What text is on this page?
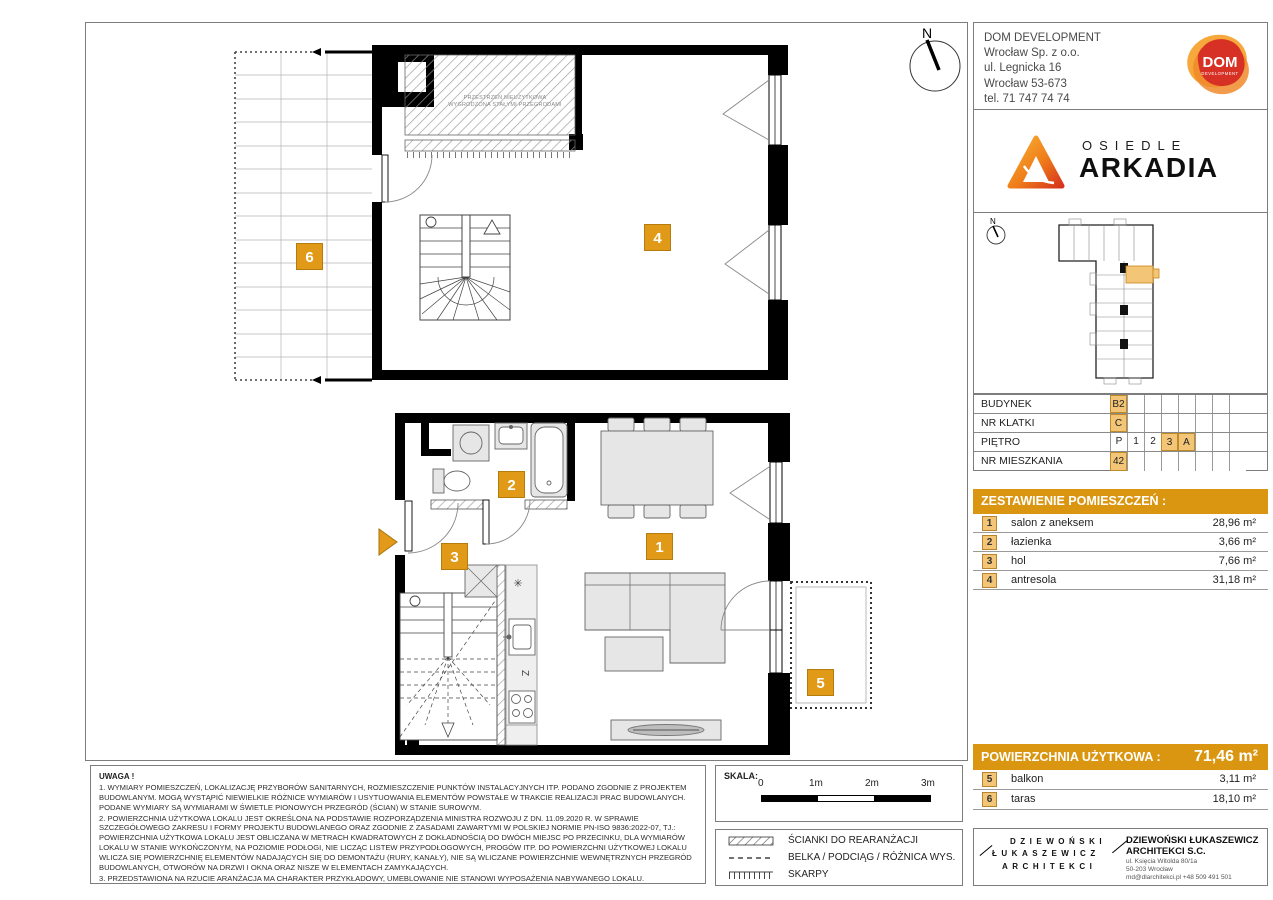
PRZESTRZEŃ NIEUŻYTKOWA
WYGRODZONA STAŁYMI PRZEGRODAMI
✳
Z
1
2
3
4
5
6
N
UWAGA !

1. WYMIARY POMIESZCZEŃ, LOKALIZACJĘ PRZYBORÓW SANITARNYCH, ROZMIESZCZENIE PUNKTÓW INSTALACYJNYCH ITP. PODANO ZGODNIE Z PROJEKTEM BUDOWLANYM. MOGĄ WYSTĄPIĆ NIEWIELKIE RÓŻNICE WYMIARÓW I USYTUOWANIA ELEMENTÓW POWSTAŁE W TRAKCIE REALIZACJI PRAC BUDOWLANYCH. PODANE WYMIARY SĄ WYMIARAMI W ŚWIETLE PIONOWYCH PRZEGRÓD (ŚCIAN) W STANIE SUROWYM.

2. POWIERZCHNIA UŻYTKOWA LOKALU JEST OKREŚLONA NA PODSTAWIE ROZPORZĄDZENIA MINISTRA ROZWOJU Z DN. 11.09.2020 R. W SPRAWIE SZCZEGÓŁOWEGO ZAKRESU I FORMY PROJEKTU BUDOWLANEGO ORAZ ZGODNIE Z ZASADAMI ZAWARTYMI W POLSKIEJ NORMIE PN-ISO 9836:2022-07, TJ.: POWIERZCHNIA UŻYTKOWA LOKALU JEST OBLICZANA W METRACH KWADRATOWYCH Z DOKŁADNOŚCIĄ DO DWÓCH MIEJSC PO PRZECINKU, DLA WYMIARÓW LOKALU W STANIE WYKOŃCZONYM, NA POZIOMIE PODŁOGI, NIE LICZĄC LISTEW PRZYPODŁOGOWYCH, PROGÓW ITP. DO POWIERZCHNI UŻYTKOWEJ LOKALU WLICZA SIĘ POWIERZCHNIĘ ELEMENTÓW NADAJĄCYCH SIĘ DO DEMONTAŻU (RURY, KANAŁY), NIE SĄ WLICZANE POWIERZCHNIE WEWNĘTRZNYCH PRZEGRÓD BUDOWLANYCH, OTWORÓW NA DRZWI I OKNA ORAZ NISZE W ELEMENTACH ZAMYKAJĄCYCH.

3. PRZEDSTAWIONA NA RZUCIE ARANŻACJA MA CHARAKTER PRZYKŁADOWY, UMEBLOWANIE NIE STANOWI WYPOSAŻENIA NABYWANEGO LOKALU.

SKALA:
0	1m	2m	3m
ŚCIANKI DO REARANŻACJI
BELKA / PODCIĄG / RÓŻNICA WYS.
SKARPY
DOM DEVELOPMENT
Wrocław Sp. z o.o.
ul. Legnicka 16
Wrocław 53-673
tel. 71 747 74 74
DOM
DEVELOPMENT
OSIEDLE
ARKADIA
N
BUDYNEK	B2
NR KLATKI	C
PIĘTRO	P	1	2	3	A
NR MIESZKANIA	42
ZESTAWIENIE POMIESZCZEŃ :
1	salon z aneksem	28,96 m²
2	łazienka	3,66 m²
3	hol	7,66 m²
4	antresola	31,18 m²
POWIERZCHNIA UŻYTKOWA : 71,46 m²
5	balkon	3,11 m²
6	taras	18,10 m²
DZIEWOŃSKI
ŁUKASZEWICZ
ARCHITEKCI
DZIEWOŃSKI ŁUKASZEWICZ
ARCHITEKCI S.C.
ul. Księcia Witolda 80/1a
50-203 Wrocław
md@dlarchitekci.pl +48 509 491 501
